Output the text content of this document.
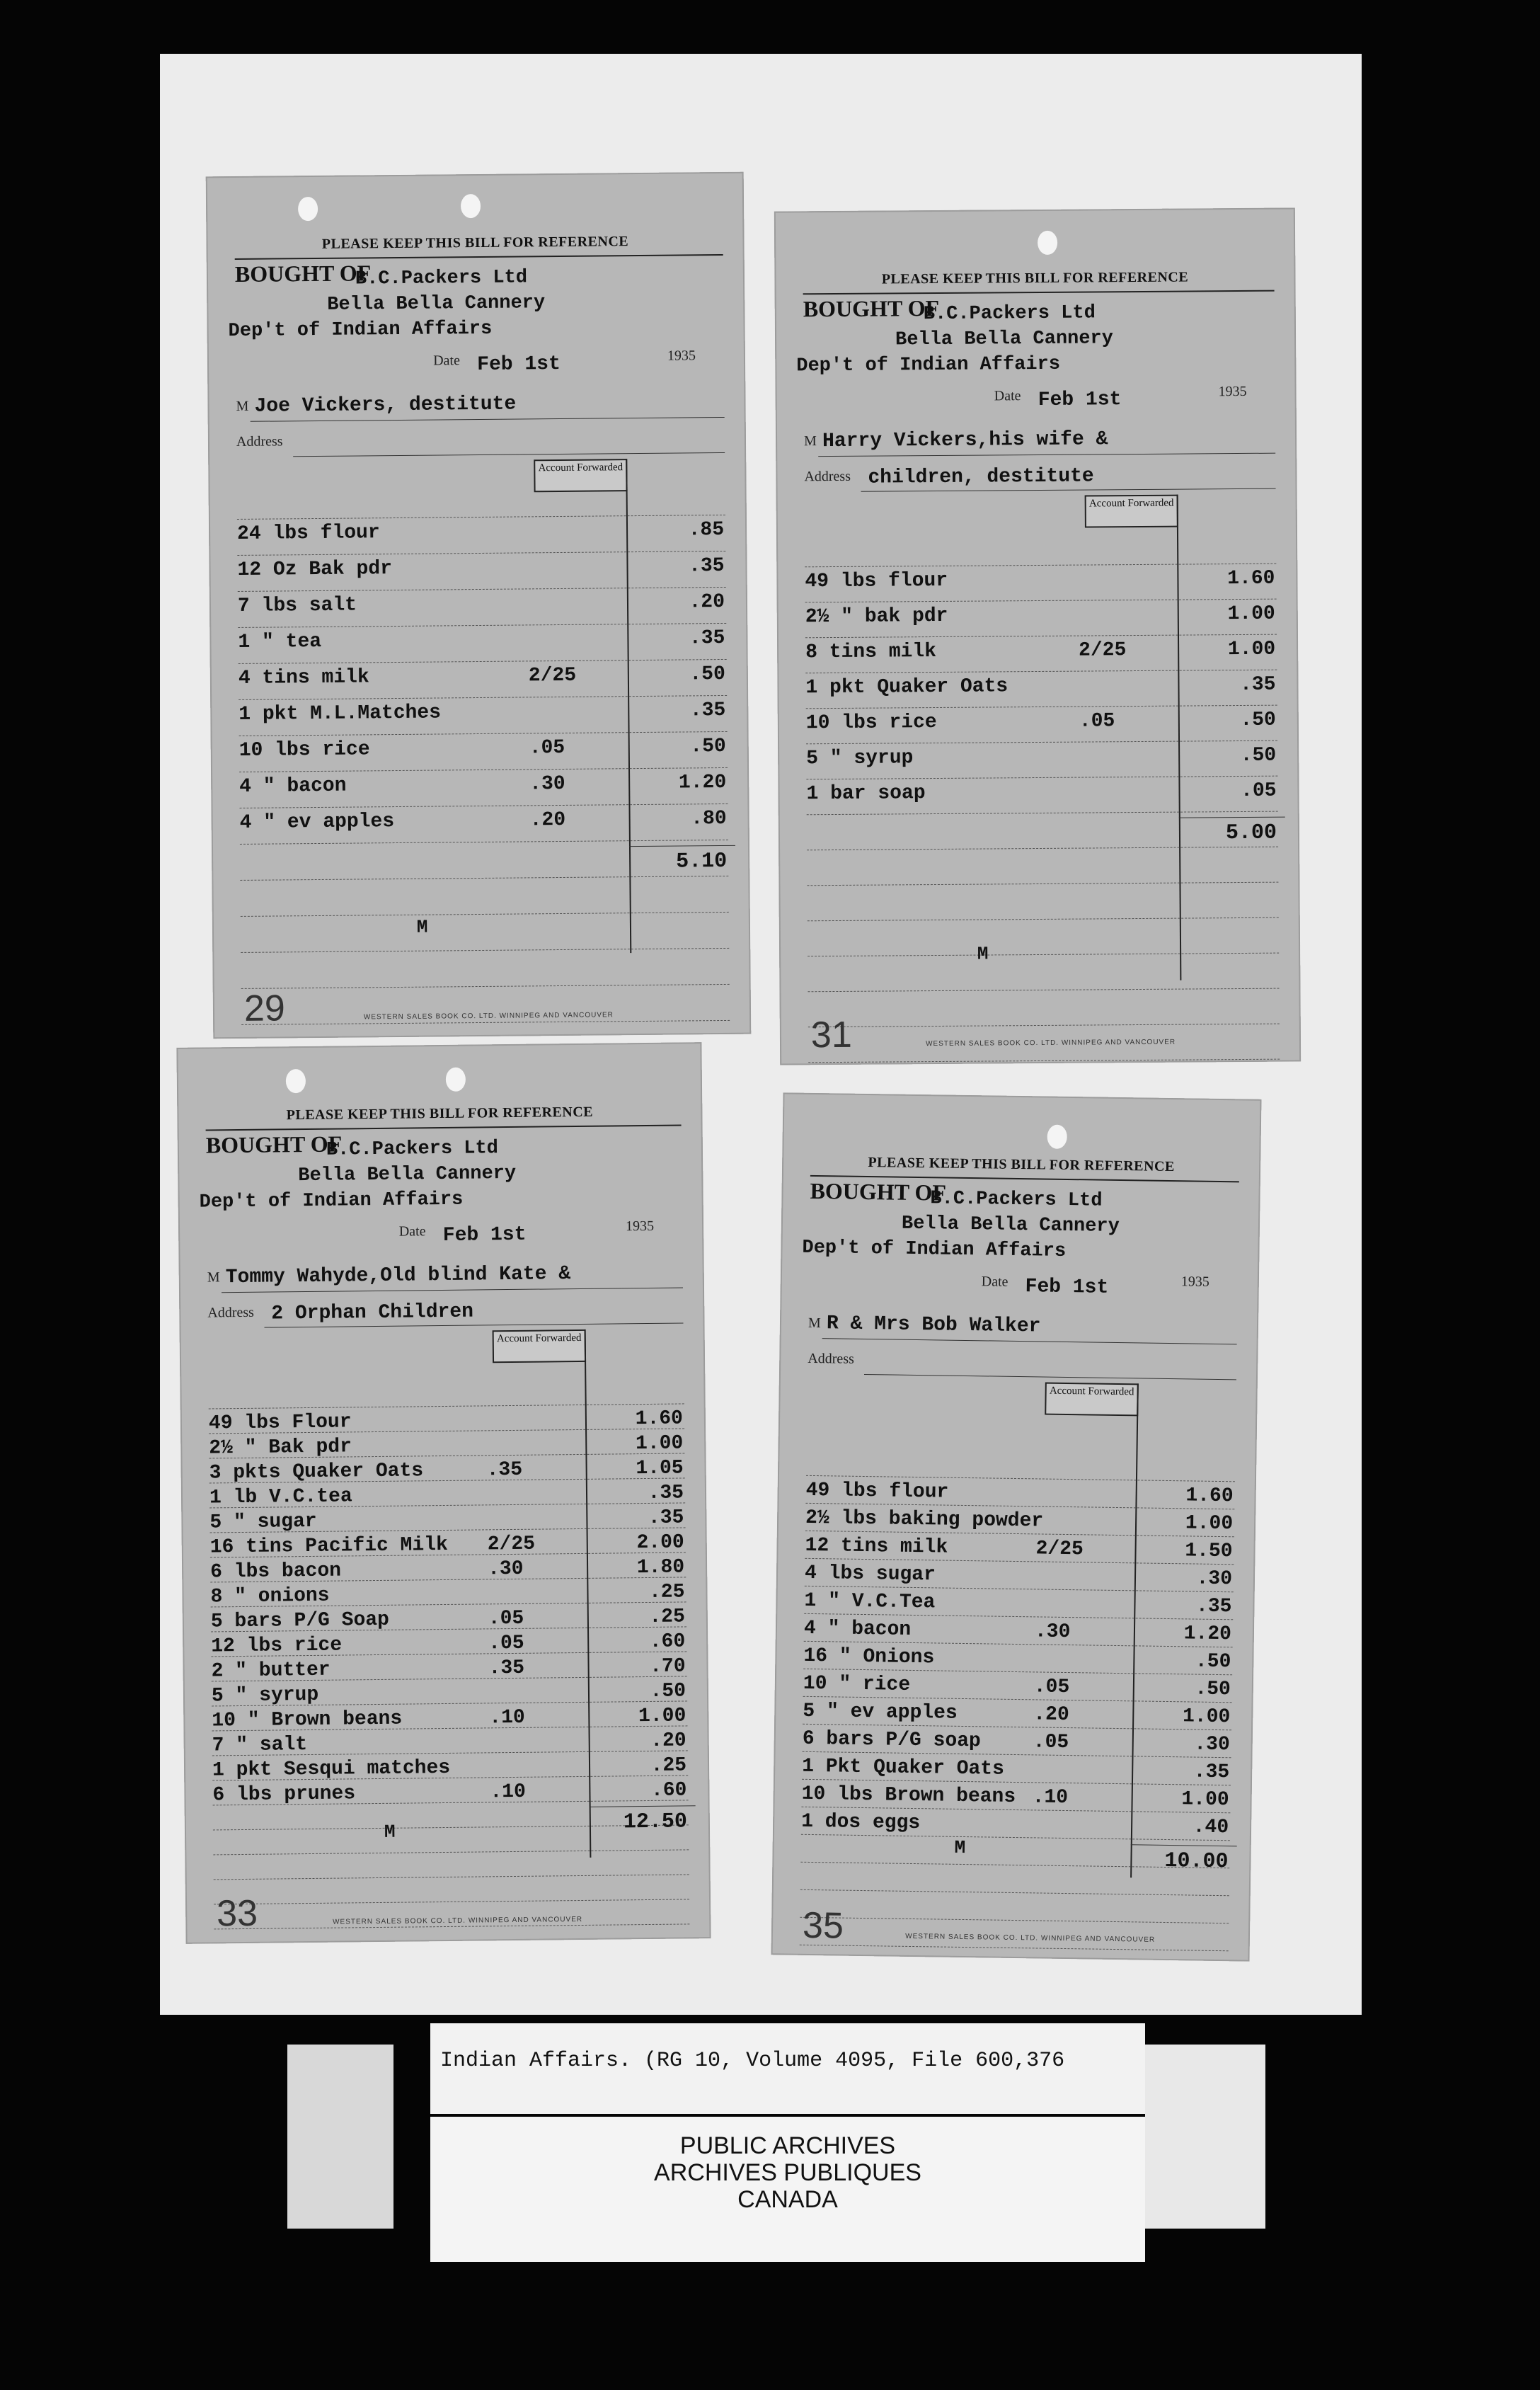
Indian Affairs. (RG 10, Volume 4095, File 600,376
PUBLIC ARCHIVES
ARCHIVES PUBLIQUES
CANADA
PLEASE KEEP THIS BILL FOR REFERENCE
BOUGHT OF
B.C.Packers Ltd
Bella Bella Cannery
Dep't of Indian Affairs
Date Feb 1st	1935
M Joe Vickers, destitute
Address
Account Forwarded
24 lbs flour	.85
12 Oz Bak pdr	.35
7 lbs salt	.20
1 " tea	.35
4 tins milk	2/25	.50
1 pkt M.L.Matches	.35
10 lbs rice	.05	.50
4 " bacon	.30	1.20
4 " ev apples	.20	.80
5.10
M
29	WESTERN SALES BOOK CO. LTD. WINNIPEG AND VANCOUVER
PLEASE KEEP THIS BILL FOR REFERENCE
BOUGHT OF
B.C.Packers Ltd
Bella Bella Cannery
Dep't of Indian Affairs
Date Feb 1st	1935
M Harry Vickers,his wife &
Address children, destitute
Account Forwarded
49 lbs flour	1.60
2½ " bak pdr	1.00
8 tins milk	2/25	1.00
1 pkt Quaker Oats	.35
10 lbs rice	.05	.50
5 " syrup	.50
1 bar soap	.05
5.00
M
31	WESTERN SALES BOOK CO. LTD. WINNIPEG AND VANCOUVER
PLEASE KEEP THIS BILL FOR REFERENCE
BOUGHT OF
B.C.Packers Ltd
Bella Bella Cannery
Dep't of Indian Affairs
Date Feb 1st	1935
M Tommy Wahyde,Old blind Kate &
Address 2 Orphan Children
Account Forwarded
49 lbs Flour	1.60
2½ " Bak pdr	1.00
3 pkts Quaker Oats	.35	1.05
1 lb V.C.tea	.35
5 " sugar	.35
16 tins Pacific Milk 2/25	2.00
6 lbs bacon	.30	1.80
8 " onions	.25
5 bars P/G Soap	.05	.25
12 lbs rice	.05	.60
2 " butter	.35	.70
5 " syrup	.50
10 " Brown beans	.10	1.00
7 " salt	.20
1 pkt Sesqui matches	.25
6 lbs prunes	.10	.60
12.50
M
33	WESTERN SALES BOOK CO. LTD. WINNIPEG AND VANCOUVER
PLEASE KEEP THIS BILL FOR REFERENCE
BOUGHT OF
B.C.Packers Ltd
Bella Bella Cannery
Dep't of Indian Affairs
Date Feb 1st	1935
M R & Mrs Bob Walker
Address
Account Forwarded
49 lbs flour	1.60
2½ lbs baking powder	1.00
12 tins milk	2/25	1.50
4 lbs sugar	.30
1 " V.C.Tea	.35
4 " bacon	.30	1.20
16 " Onions	.50
10 " rice	.05	.50
5 " ev apples	.20	1.00
6 bars P/G soap	.05	.30
1 Pkt Quaker Oats	.35
10 lbs Brown beans .10	1.00
1 dos eggs	.40
10.00
M
35	WESTERN SALES BOOK CO. LTD. WINNIPEG AND VANCOUVER
